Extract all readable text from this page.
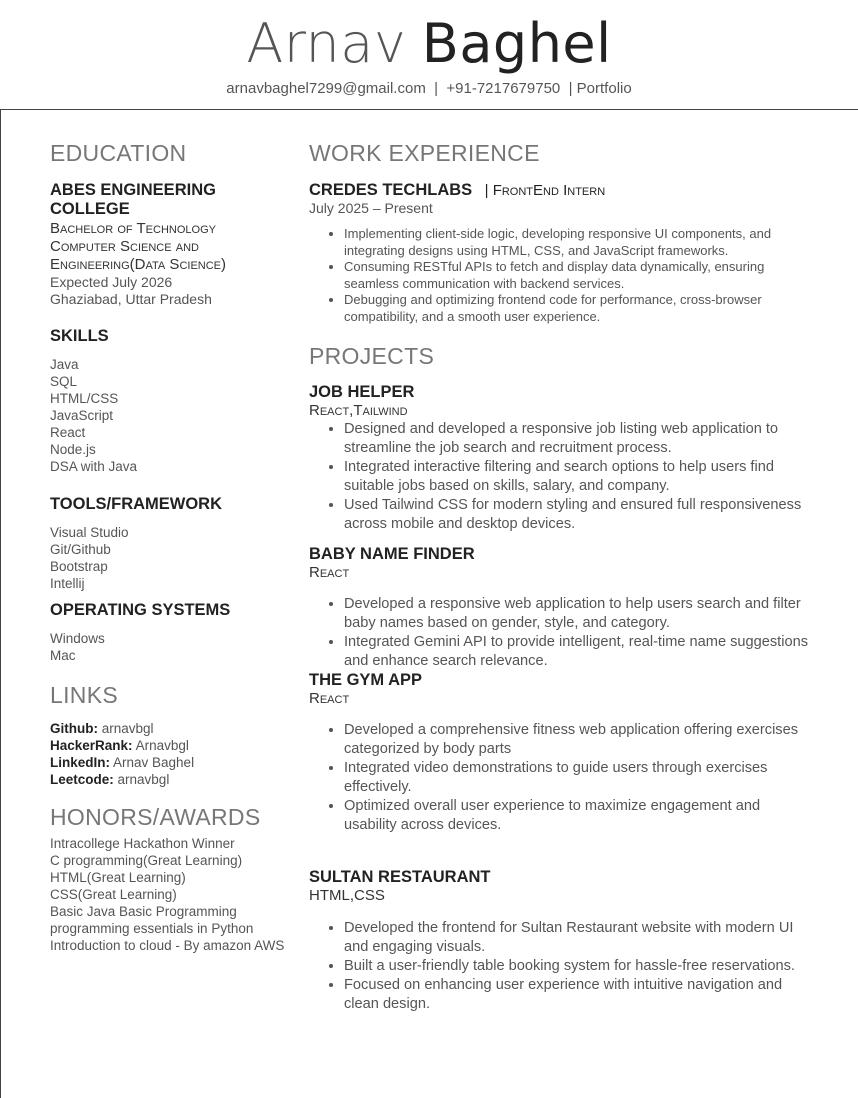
Arnav Baghel
arnavbaghel7299@gmail.com  |  +91-7217679750  | Portfolio
EDUCATION
ABES ENGINEERING COLLEGE
Bachelor of Technology
Computer Science and
Engineering(Data Science)
Expected July 2026
Ghaziabad, Uttar Pradesh
SKILLS
Java
SQL
HTML/CSS
JavaScript
React
Node.js
DSA with Java
TOOLS/FRAMEWORK
Visual Studio
Git/Github
Bootstrap
Intellij
OPERATING SYSTEMS
Windows
Mac
LINKS
Github: arnavbgl
HackerRank: Arnavbgl
LinkedIn: Arnav Baghel
Leetcode: arnavbgl
HONORS/AWARDS
Intracollege Hackathon Winner
C programming(Great Learning)
HTML(Great Learning)
CSS(Great Learning)
Basic Java Basic Programming
programming essentials in Python
Introduction to cloud - By amazon AWS
WORK EXPERIENCE
CREDES TECHLABS | FrontEnd Intern
July 2025 – Present
• Implementing client-side logic, developing responsive UI components, and integrating designs using HTML, CSS, and JavaScript frameworks.
• Consuming RESTful APIs to fetch and display data dynamically, ensuring seamless communication with backend services.
• Debugging and optimizing frontend code for performance, cross-browser compatibility, and a smooth user experience.
PROJECTS
JOB HELPER
React,Tailwind
• Designed and developed a responsive job listing web application to streamline the job search and recruitment process.
• Integrated interactive filtering and search options to help users find suitable jobs based on skills, salary, and company.
• Used Tailwind CSS for modern styling and ensured full responsiveness across mobile and desktop devices.
BABY NAME FINDER
React
• Developed a responsive web application to help users search and filter baby names based on gender, style, and category.
• Integrated Gemini API to provide intelligent, real-time name suggestions and enhance search relevance.
THE GYM APP
React
• Developed a comprehensive fitness web application offering exercises categorized by body parts
• Integrated video demonstrations to guide users through exercises effectively.
• Optimized overall user experience to maximize engagement and usability across devices.
SULTAN RESTAURANT
HTML,CSS
• Developed the frontend for Sultan Restaurant website with modern UI and engaging visuals.
• Built a user-friendly table booking system for hassle-free reservations.
• Focused on enhancing user experience with intuitive navigation and clean design.
